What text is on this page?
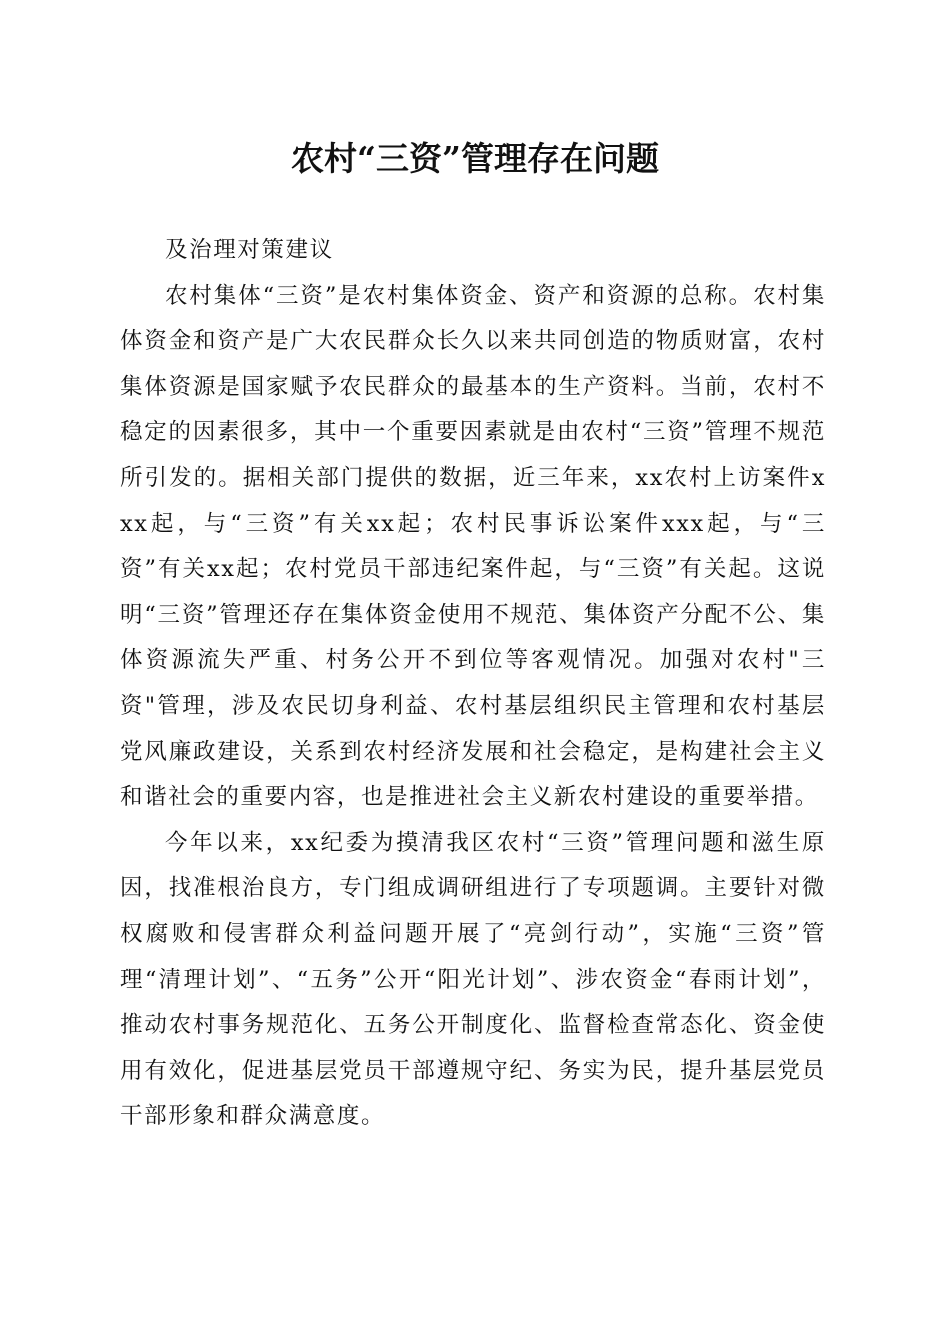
农村“三资”管理存在问题

及治理对策建议

农村集体“三资”是农村集体资金、资产和资源的总称。农村集体资金和资产是广大农民群众长久以来共同创造的物质财富，农村集体资源是国家赋予农民群众的最基本的生产资料。当前，农村不稳定的因素很多，其中一个重要因素就是由农村“三资”管理不规范所引发的。据相关部门提供的数据，近三年来，xx农村上访案件xxx起，与“三资”有关xx起；农村民事诉讼案件xxx起，与“三资”有关xx起；农村党员干部违纪案件起，与“三资”有关起。这说明“三资”管理还存在集体资金使用不规范、集体资产分配不公、集体资源流失严重、村务公开不到位等客观情况。加强对农村"三资"管理，涉及农民切身利益、农村基层组织民主管理和农村基层党风廉政建设，关系到农村经济发展和社会稳定，是构建社会主义和谐社会的重要内容，也是推进社会主义新农村建设的重要举措。

今年以来，xx纪委为摸清我区农村“三资”管理问题和滋生原因，找准根治良方，专门组成调研组进行了专项题调。主要针对微权腐败和侵害群众利益问题开展了“亮剑行动”，实施“三资”管理“清理计划”、“五务”公开“阳光计划”、涉农资金“春雨计划”，推动农村事务规范化、五务公开制度化、监督检查常态化、资金使用有效化，促进基层党员干部遵规守纪、务实为民，提升基层党员干部形象和群众满意度。
